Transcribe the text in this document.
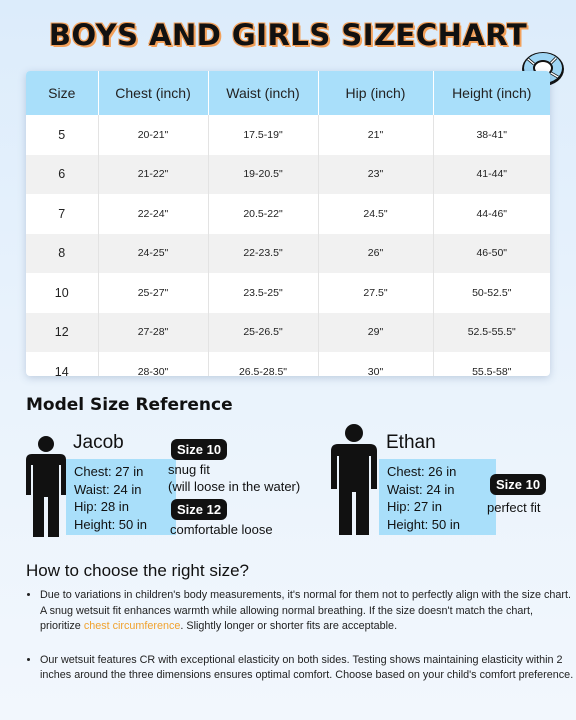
BOYS AND GIRLS SIZECHART
Size	Chest (inch)	Waist (inch)	Hip (inch)	Height (inch)
5	20-21"	17.5-19"	21"	38-41"
6	21-22"	19-20.5"	23"	41-44"
7	22-24"	20.5-22"	24.5"	44-46"
8	24-25"	22-23.5"	26"	46-50"
10	25-27"	23.5-25"	27.5"	50-52.5"
12	27-28"	25-26.5"	29"	52.5-55.5"
14	28-30"	26.5-28.5"	30"	55.5-58"
Model Size Reference
Jacob
Chest: 27 in
Waist: 24 in
Hip: 28 in
Height: 50 in
Size 10
snug fit
(will loose in the water)
Size 12
comfortable loose
Ethan
Chest: 26 in
Waist: 24 in
Hip: 27 in
Height: 50 in
Size 10
perfect fit
How to choose the right size?
• Due to variations in children's body measurements, it's normal for them not to perfectly align with the size chart. A snug wetsuit fit enhances warmth while allowing normal breathing. If the size doesn't match the chart, prioritize chest circumference. Slightly longer or shorter fits are acceptable.
• Our wetsuit features CR with exceptional elasticity on both sides. Testing shows maintaining elasticity within 2 inches around the three dimensions ensures optimal comfort. Choose based on your child's comfort preference.
